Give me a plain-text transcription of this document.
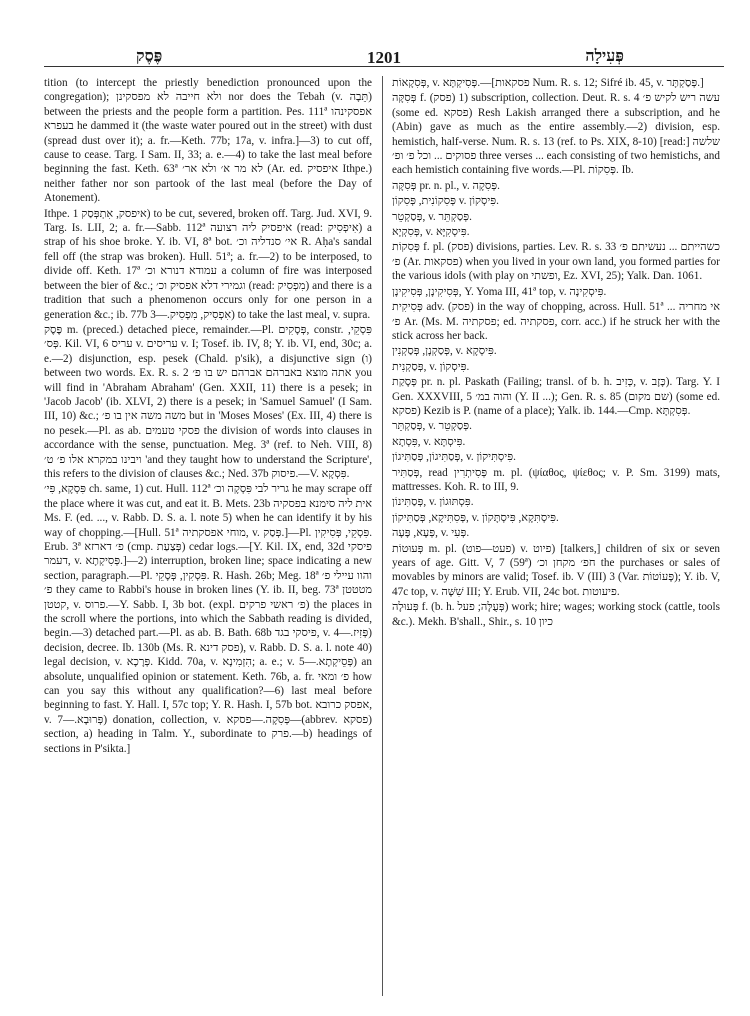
פֶּסֶק	1201	פְּעִילָה

tition (to intercept the priestly benediction pronounced upon the congregation); ולא חייבה לא מפסקינן nor does the Tebah (v. תֵּבָה) between the priests and the people form a partition. Pes. 111ª אפסקינהו בעפרא he dammed it (the waste water poured out in the street) with dust (spread dust over it); a. fr.—Keth. 77b; 17a, v. infra.]—3) to cut off, cause to cease. Targ. I Sam. II, 33; a. e.—4) to take the last meal before beginning the fast. Keth. 63ª לא מר א׳ ולא אר׳ (Ar. ed. איפסיק Ithpe.) neither father nor son partook of the last meal (before the Day of Atonement).

Ithpe. איפסק, אִתְפְּסַק 1) to be cut, severed, broken off. Targ. Jud. XVI, 9. Targ. Is. LII, 2; a. fr.—Sabb. 112ª איפסיק ליה רצועה (read: אִיפְסִיק) a strap of his shoe broke. Y. ib. VI, 8ª bot. אי׳ סנדליה וכ׳ R. Aḥa's sandal fell off (the strap was broken). Hull. 51ª; a. fr.—2) to be interposed, to divide off. Keth. 17ª עמודא דנורא וכ׳ a column of fire was interposed between the bier of &c.; וגמירי דלא אפסיק וכ׳ (read: מִפְסִיק) and there is a tradition that such a phenomenon occurs only for one person in a generation &c.; ib. 77b אִפְסִיק, מִפְסִיק.—3) to take the last meal, v. supra.

פֶּסֶק m. (preced.) detached piece, remainder.—Pl. פְּסָקִים, constr. פִּסְקֵי, פְּס׳. Kil. VI, 6 עריס v. עריסים v. I; Tosef. ib. IV, 8; Y. ib. VI, end, 30c; a. e.—2) disjunction, esp. pesek (Chald. p'sik), a disjunctive sign (ו) between two words. Ex. R. s. 2 אתה מוצא באברהם אברהם יש בו פ׳ you will find in 'Abraham Abraham' (Gen. XXII, 11) there is a pesek; in 'Jacob Jacob' (ib. XLVI, 2) there is a pesek; in 'Samuel Samuel' (I Sam. III, 10) &c.; משה משה אין בו פ׳ but in 'Moses Moses' (Ex. III, 4) there is no pesek.—Pl. as ab. פסקי טעמים the division of words into clauses in accordance with the sense, punctuation. Meg. 3ª (ref. to Neh. VIII, 8) ויבינו במקרא אלו פ׳ ט׳ 'and they taught how to understand the Scripture', this refers to the division of clauses &c.; Ned. 37b פיסוק.—V. פִּסְקָא.

פִּסְקָא, פִּי׳ ch. same, 1) cut. Hull. 112ª גריר לבי פִּסְקָה וכ׳ he may scrape off the place where it was cut, and eat it. B. Mets. 23b אית ליה סימנא בפסקיה Ms. F. (ed. ..., v. Rabb. D. S. a. l. note 5) when he can identify it by his way of chopping.—[Hull. 51ª מוחי אפסקתיה, v. פְּסַק.]—Pl. פִּסְקֵי, פְּסִיקִין. Erub. 3ª פ׳ דארזא (cmp. פְּצַעַת) cedar logs.—[Y. Kil. IX, end, 32d פיסקי דעמר, v. פְּסִיקְתָא.]—2) interruption, broken line; space indicating a new section, paragraph.—Pl. פִּסְקִין, פְּסָקֵי. R. Hash. 26b; Meg. 18ª והוו עיילי פ׳ פ׳ they came to Rabbi's house in broken lines (Y. ib. II, beg. 73ª מטטטן קטטן, v. פרוס.—Y. Sabb. I, 3b bot. (expl. פ׳ ראשי פרקים) the places in the scroll where the portions, into which the Sabbath reading is divided, begin.—3) detached part.—Pl. as ab. B. Bath. 68b פיסקי בגד, v. פְּזִיז.—4) decision, decree. Ib. 130b (Ms. R. פסק דינא), v. Rabb. D. S. a. l. note 40) legal decision, v. פְּרָכָא. Kidd. 70a, v. הִזְמִינָא; a. e.; v. פְּסֵיקְתָא.—5) an absolute, unqualified opinion or statement. Keth. 76b, a. fr. פ׳ ומאי how can you say this without any qualification?—6) last meal before beginning to fast. Y. Hall. I, 57c top; Y. R. Hash. I, 57b bot. אפסק כרובא, v. פְּרוּבָא.—7) donation, collection, v. פְּסִקָה.—פסקא—(abbrev. פסקא) section, a) heading in Talm. Y., subordinate to פרק.—b) headings of sections in P'sikta.]

פְּסִקָאוֹת, v. פְּסִיקְתָּא.—[פסקאות Num. R. s. 12; Sifré ib. 45, v. פְּסַקְתָּר.]

פְּסִקָּה f. (פסק) 1) subscription, collection. Deut. R. s. 4 עשה ריש לקיש פ׳ (some ed. פסקא) Resh Lakish arranged there a subscription, and he (Abin) gave as much as the entire assembly.—2) division, esp. hemistich, half-verse. Num. R. s. 13 (ref. to Ps. XIX, 8-10) [read:] שלשה פסוקים ... וכל פ׳ ופ׳ three verses ... each consisting of two hemistichs, and each hemistich containing five words.—Pl. פְּסִקוֹת. Ib.

פְּסִקָּה pr. n. pl., v. פְּסִקָה.

פְּסִקוֹנִית, פְּסִקוֹן v. פִּיסְקוֹן.

פְּסַקְטֵר, v. פְּסַקְתֵּר.

פְּסִקְיָא, v. פִּיסְקִיָּא.

פְּסִקוֹת f. pl. (פסק) divisions, parties. Lev. R. s. 33 כשהייתם ... נעשיתם פ׳ פ׳ (Ar. פסקאות) when you lived in your own land, you formed parties for the various idols (with play on ופשתי, Ez. XVI, 25); Yalk. Dan. 1061.

פְּסִיקִינָן, פְּסִיקִינָן, Y. Yoma III, 41ª top, v. פִּיסְקִינָה.

פְּסִיקִית adv. (פסק) in the way of chopping, across. Hull. 51ª ... אי מחריה פ׳ Ar. (Ms. M. פסקתיה; ed. פסקתיה, corr. acc.) if he struck her with the stick across her back.

פְּסַקְנָן, פְּסַקְנִין, v. פִּיסְקָא.

פְּסַקְנִית, v. פִּיסְקוֹן.

פְּסָקַת pr. n. pl. Paskath (Failing; transl. of b. h. כְּזִיב, v. כָּזָב). Targ. Y. I Gen. XXXVIII, 5 והוה במ׳ (Y. II ...); Gen. R. s. 85 (שם מקום) (some ed. פסקא) Kezib is P. (name of a place); Yalk. ib. 144.—Cmp. פְּסִקְתָּא.

פְּסַקְתֵּר, v. פְּסַקְטֵר.

פִּסְתָא, v. פִּיסְתָּא.

פְּסַתִּיגוֹן, פְּסַתִּיגוֹן, v. פִּיסְתִּיקוֹן.

פְּסַתִּיר, read פְּסִיתְרִין m. pl. (ψίαθος, ψίεθος; v. P. Sm. 3199) mats, mattresses. Koh. R. to III, 9.

פְּסַתִּינוֹן, v. פִּסְתּוּגוֹן.

פְּסִתִּיקָא, פְּסַתִּיקוֹן, v. פִּיסְתִּקָא, פִּיסְתָּקוֹן.

פְּעָא, פָּעָה, v. פְּעִי.

פְּעוּטוֹת m. pl. (פעט—פוט) v. פיוט) [talkers,] children of six or seven years of age. Gitt. V, 7 (59ª) חפ׳ מקחן וכ׳ the purchases or sales of movables by minors are valid; Tosef. ib. V (III) 3 (Var. פָּעוֹטוֹת); Y. ib. V, 47c top, v. שִׁשָּׁה III; Y. Erub. VII, 24c bot. פיעוטות.

פְּעוּלָה f. (b. h. פְּעֻלָּה; פעל) work; hire; wages; working stock (cattle, tools &c.). Mekh. B'shall., Shir., s. 10 כיון
